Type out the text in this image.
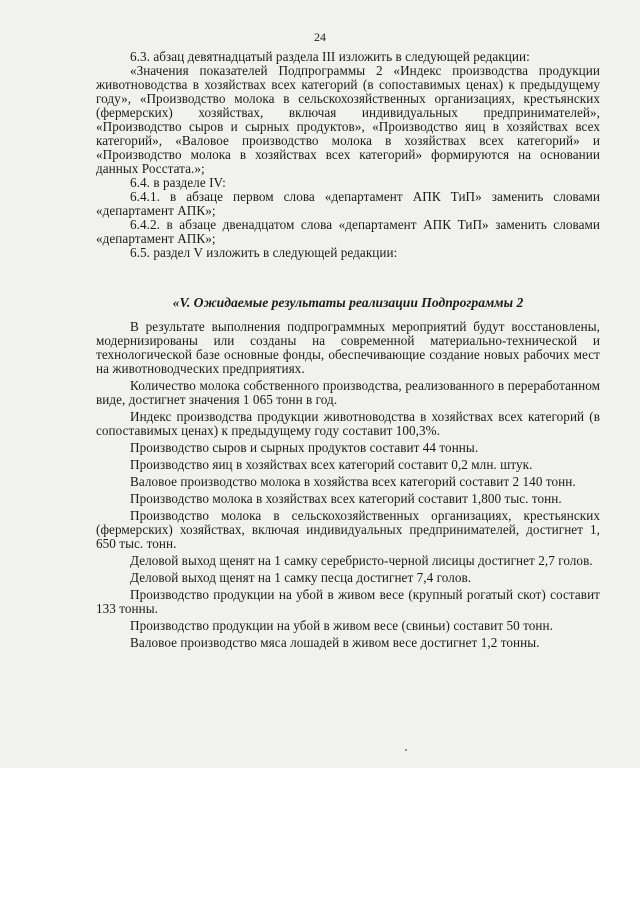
24

6.3. абзац девятнадцатый раздела III изложить в следующей редакции:

«Значения показателей Подпрограммы 2 «Индекс производства продукции животноводства в хозяйствах всех категорий (в сопоставимых ценах) к предыдущему году», «Производство молока в сельскохозяйственных организациях, крестьянских (фермерских) хозяйствах, включая индивидуальных предпринимателей», «Производство сыров и сырных продуктов», «Производство яиц в хозяйствах всех категорий», «Валовое производство молока в хозяйствах всех категорий» и «Производство молока в хозяйствах всех категорий» формируются на основании данных Росстата.»;

6.4. в разделе IV:

6.4.1. в абзаце первом слова «департамент АПК ТиП» заменить словами «департамент АПК»;

6.4.2. в абзаце двенадцатом слова «департамент АПК ТиП» заменить словами «департамент АПК»;

6.5. раздел V изложить в следующей редакции:

«V. Ожидаемые результаты реализации Подпрограммы 2

В результате выполнения подпрограммных мероприятий будут восстановлены, модернизированы или созданы на современной материально-технической и технологической базе основные фонды, обеспечивающие создание новых рабочих мест на животноводческих предприятиях.

Количество молока собственного производства, реализованного в переработанном виде, достигнет значения 1 065 тонн в год.

Индекс производства продукции животноводства в хозяйствах всех категорий (в сопоставимых ценах) к предыдущему году составит 100,3%.

Производство сыров и сырных продуктов составит 44 тонны.

Производство яиц в хозяйствах всех категорий составит 0,2 млн. штук.

Валовое производство молока в хозяйства всех категорий составит 2 140 тонн.

Производство молока в хозяйствах всех категорий составит 1,800 тыс. тонн.

Производство молока в сельскохозяйственных организациях, крестьянских (фермерских) хозяйствах, включая индивидуальных предпринимателей, достигнет 1, 650 тыс. тонн.

Деловой выход щенят на 1 самку серебристо-черной лисицы достигнет 2,7 голов.

Деловой выход щенят на 1 самку песца достигнет 7,4 голов.

Производство продукции на убой в живом весе (крупный рогатый скот) составит 133 тонны.

Производство продукции на убой в живом весе (свиньи) составит 50 тонн.

Валовое производство мяса лошадей в живом весе достигнет 1,2 тонны.
